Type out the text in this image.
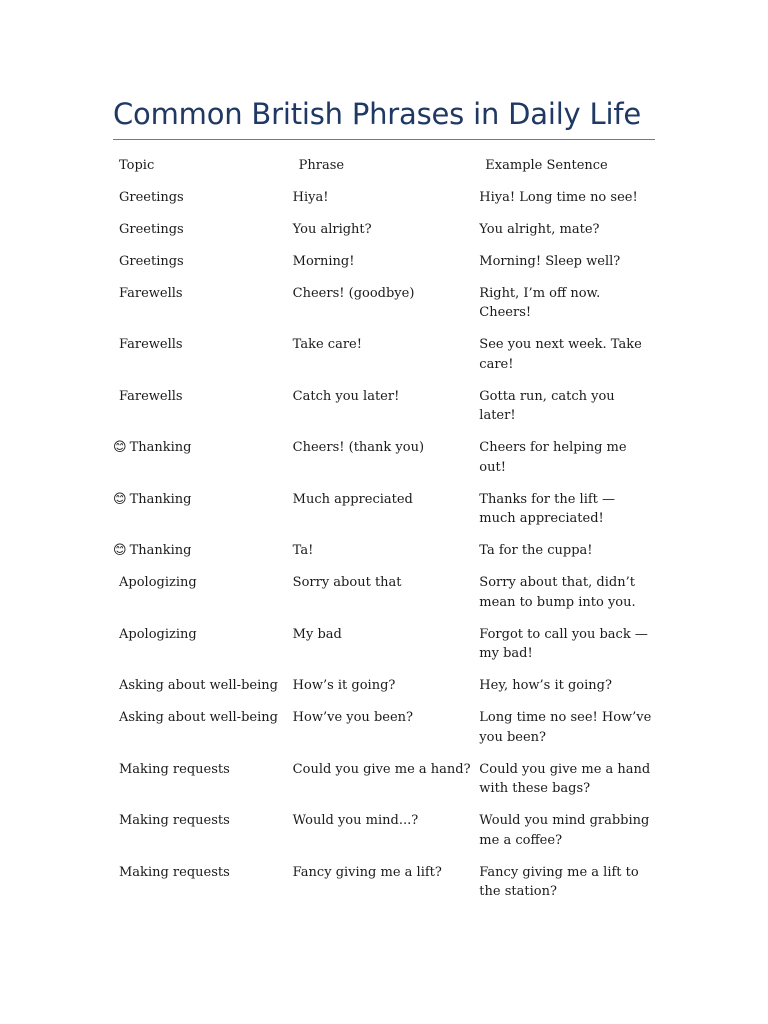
Common British Phrases in Daily Life
Topic	Phrase	Example Sentence
Greetings	Hiya!	Hiya! Long time no see!
Greetings	You alright?	You alright, mate?
Greetings	Morning!	Morning! Sleep well?
Farewells	Cheers! (goodbye)	Right, I’m off now. Cheers!
Farewells	Take care!	See you next week. Take care!
Farewells	Catch you later!	Gotta run, catch you later!
😊 Thanking	Cheers! (thank you)	Cheers for helping me out!
😊 Thanking	Much appreciated	Thanks for the lift — much appreciated!
😊 Thanking	Ta!	Ta for the cuppa!
Apologizing	Sorry about that	Sorry about that, didn’t mean to bump into you.
Apologizing	My bad	Forgot to call you back — my bad!
Asking about well-being	How’s it going?	Hey, how’s it going?
Asking about well-being	How’ve you been?	Long time no see! How’ve you been?
Making requests	Could you give me a hand?	Could you give me a hand with these bags?
Making requests	Would you mind...?	Would you mind grabbing me a coffee?
Making requests	Fancy giving me a lift?	Fancy giving me a lift to the station?
